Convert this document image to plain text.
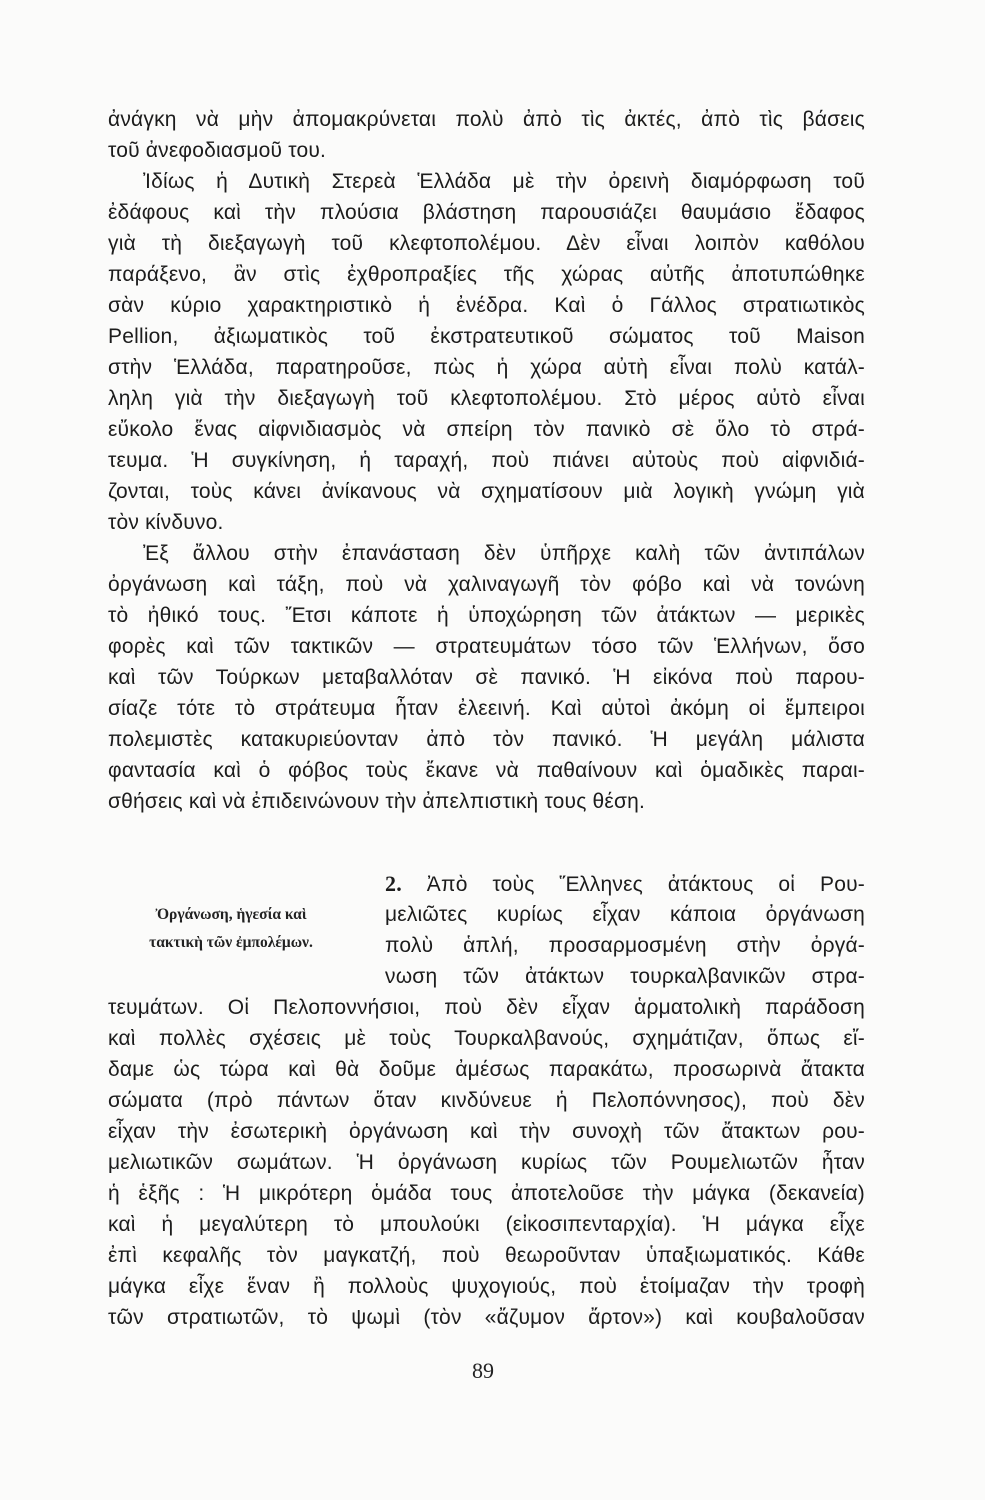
ἀνάγκη νὰ μὴν ἀπομακρύνεται πολὺ ἀπὸ τὶς ἀκτές, ἀπὸ τὶς βάσεις
τοῦ ἀνεφοδιασμοῦ του.
Ἰδίως ἡ Δυτικὴ Στερεὰ Ἑλλάδα μὲ τὴν ὀρεινὴ διαμόρφωση τοῦ
ἐδάφους καὶ τὴν πλούσια βλάστηση παρουσιάζει θαυμάσιο ἔδαφος
γιὰ τὴ διεξαγωγὴ τοῦ κλεφτοπολέμου. Δὲν εἶναι λοιπὸν καθόλου
παράξενο, ἂν στὶς ἐχθροπραξίες τῆς χώρας αὐτῆς ἀποτυπώθηκε
σὰν κύριο χαρακτηριστικὸ ἡ ἐνέδρα. Καὶ ὁ Γάλλος στρατιωτικὸς
Pellion, ἀξιωματικὸς τοῦ ἐκστρατευτικοῦ σώματος τοῦ Maison
στὴν Ἑλλάδα, παρατηροῦσε, πὼς ἡ χώρα αὐτὴ εἶναι πολὺ κατάλ-
ληλη γιὰ τὴν διεξαγωγὴ τοῦ κλεφτοπολέμου. Στὸ μέρος αὐτὸ εἶναι
εὔκολο ἕνας αἰφνιδιασμὸς νὰ σπείρη τὸν πανικὸ σὲ ὅλο τὸ στρά-
τευμα. Ἡ συγκίνηση, ἡ ταραχή, ποὺ πιάνει αὐτοὺς ποὺ αἰφνιδιά-
ζονται, τοὺς κάνει ἀνίκανους νὰ σχηματίσουν μιὰ λογικὴ γνώμη γιὰ
τὸν κίνδυνο.
Ἐξ ἄλλου στὴν ἐπανάσταση δὲν ὑπῆρχε καλὴ τῶν ἀντιπάλων
ὀργάνωση καὶ τάξη, ποὺ νὰ χαλιναγωγῆ τὸν φόβο καὶ νὰ τονώνη
τὸ ἠθικό τους. Ἔτσι κάποτε ἡ ὑποχώρηση τῶν ἀτάκτων — μερικὲς
φορὲς καὶ τῶν τακτικῶν — στρατευμάτων τόσο τῶν Ἑλλήνων, ὅσο
καὶ τῶν Τούρκων μεταβαλλόταν σὲ πανικό. Ἡ εἰκόνα ποὺ παρου-
σίαζε τότε τὸ στράτευμα ἦταν ἐλεεινή. Καὶ αὐτοὶ ἀκόμη οἱ ἔμπειροι
πολεμιστὲς κατακυριεύονταν ἀπὸ τὸν πανικό. Ἡ μεγάλη μάλιστα
φαντασία καὶ ὁ φόβος τοὺς ἔκανε νὰ παθαίνουν καὶ ὁμαδικὲς παραι-
σθήσεις καὶ νὰ ἐπιδεινώνουν τὴν ἀπελπιστικὴ τους θέση.
Ὀργάνωση, ἡγεσία καὶ
τακτικὴ τῶν ἐμπολέμων.
2. Ἀπὸ τοὺς Ἕλληνες ἀτάκτους οἱ Ρου-
μελιῶτες κυρίως εἶχαν κάποια ὀργάνωση
πολὺ ἁπλή, προσαρμοσμένη στὴν ὀργά-
νωση τῶν ἀτάκτων τουρκαλβανικῶν στρα-
τευμάτων. Οἱ Πελοποννήσιοι, ποὺ δὲν εἶχαν ἁρματολικὴ παράδοση
καὶ πολλὲς σχέσεις μὲ τοὺς Τουρκαλβανούς, σχημάτιζαν, ὅπως εἴ-
δαμε ὡς τώρα καὶ θὰ δοῦμε ἀμέσως παρακάτω, προσωρινὰ ἄτακτα
σώματα (πρὸ πάντων ὅταν κινδύνευε ἡ Πελοπόννησος), ποὺ δὲν
εἶχαν τὴν ἐσωτερικὴ ὀργάνωση καὶ τὴν συνοχὴ τῶν ἄτακτων ρου-
μελιωτικῶν σωμάτων. Ἡ ὀργάνωση κυρίως τῶν Ρουμελιωτῶν ἦταν
ἡ ἑξῆς : Ἡ μικρότερη ὁμάδα τους ἀποτελοῦσε τὴν μάγκα (δεκανεία)
καὶ ἡ μεγαλύτερη τὸ μπουλούκι (εἰκοσιπενταρχία). Ἡ μάγκα εἶχε
ἐπὶ κεφαλῆς τὸν μαγκατζή, ποὺ θεωροῦνταν ὑπαξιωματικός. Κάθε
μάγκα εἶχε ἕναν ἢ πολλοὺς ψυχογιούς, ποὺ ἑτοίμαζαν τὴν τροφὴ
τῶν στρατιωτῶν, τὸ ψωμὶ (τὸν «ἄζυμον ἄρτον») καὶ κουβαλοῦσαν
89
